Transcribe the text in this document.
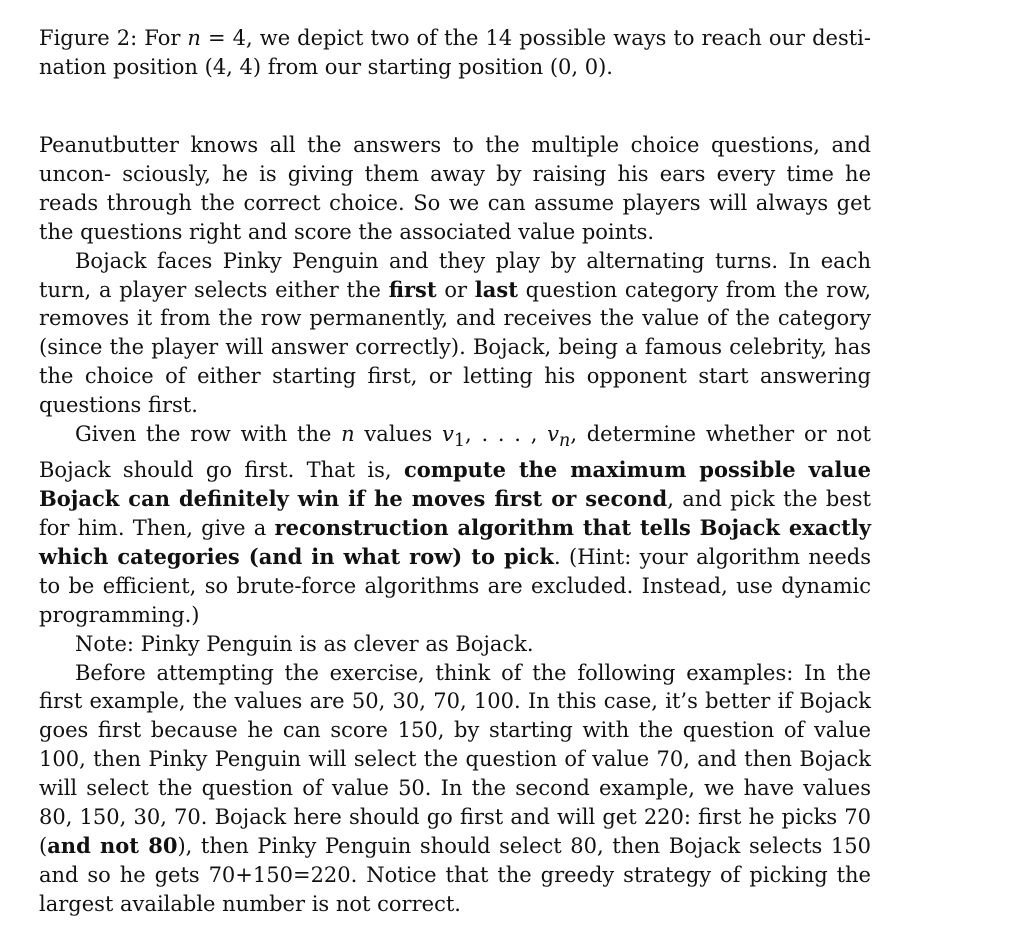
Figure 2: For n = 4, we depict two of the 14 possible ways to reach our desti- nation position (4, 4) from our starting position (0, 0).

Peanutbutter knows all the answers to the multiple choice questions, and uncon- sciously, he is giving them away by raising his ears every time he reads through the correct choice. So we can assume players will always get the questions right and score the associated value points.

Bojack faces Pinky Penguin and they play by alternating turns. In each turn, a player selects either the first or last question category from the row, removes it from the row permanently, and receives the value of the category (since the player will answer correctly). Bojack, being a famous celebrity, has the choice of either starting first, or letting his opponent start answering questions first.

Given the row with the n values $v_1$, . . . , $v_n$, determine whether or not Bojack should go first. That is, compute the maximum possible value Bojack can definitely win if he moves first or second, and pick the best for him. Then, give a reconstruction algorithm that tells Bojack exactly which categories (and in what row) to pick. (Hint: your algorithm needs to be efficient, so brute-force algorithms are excluded. Instead, use dynamic programming.)

Note: Pinky Penguin is as clever as Bojack.

Before attempting the exercise, think of the following examples: In the first example, the values are 50, 30, 70, 100. In this case, it’s better if Bojack goes first because he can score 150, by starting with the question of value 100, then Pinky Penguin will select the question of value 70, and then Bojack will select the question of value 50. In the second example, we have values 80, 150, 30, 70. Bojack here should go first and will get 220: first he picks 70 (and not 80), then Pinky Penguin should select 80, then Bojack selects 150 and so he gets 70+150=220. Notice that the greedy strategy of picking the largest available number is not correct.
